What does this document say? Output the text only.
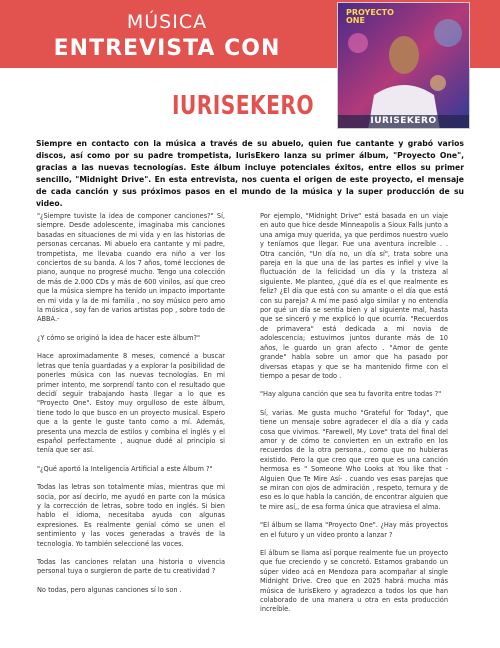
MÚSICA
ENTREVISTA CON
IURISEKERO
PROYECTO
ONE
IURISEKERO
Siempre en contacto con la música a través de su abuelo, quien fue cantante y grabó varios discos, así como por su padre trompetista, IurisEkero lanza su primer álbum, "Proyecto One", gracias a las nuevas tecnologías. Este álbum incluye potenciales éxitos, entre ellos su primer sencillo, "Midnight Drive". En esta entrevista, nos cuenta el origen de este proyecto, el mensaje de cada canción y sus próximos pasos en el mundo de la música y la super producción de su video.

"¿Siempre tuviste la idea de componer canciones?" Sí, siempre. Desde adolescente, imaginaba mis canciones basadas en situaciones de mi vida y en las historias de personas cercanas. Mi abuelo era cantante y mi padre, trompetista, me llevaba cuando era niño a ver los conciertos de su banda. A los 7 años, tomé lecciones de piano, aunque no progresé mucho. Tengo una colección de más de 2.000 CDs y más de 600 vinilos, así que creo que la música siempre ha tenido un impacto importante en mi vida y la de mi familia , no soy músico pero amo la música , soy fan de varios artistas pop , sobre todo de ABBA.-

¿Y cómo se originó la idea de hacer este álbum?"

Hace aproximadamente 8 meses, comencé a buscar letras que tenía guardadas y a explorar la posibilidad de ponerles música con las nuevas tecnologías. En mi primer intento, me sorprendí tanto con el resultado que decidí seguir trabajando hasta llegar a lo que es "Proyecto One". Estoy muy orgulloso de este álbum, tiene todo lo que busco en un proyecto musical. Espero que a la gente le guste tanto como a mí. Además, presenta una mezcla de estilos y combina el inglés y el español perfectamente , auqnue dudé al principio si tenía que ser así.

"¿Qué aportó la Inteligencia Artificial a este Álbum ?"

Todas las letras son totalmente mías, mientras que mi socia, por así decirlo, me ayudó en parte con la música y la corrección de letras, sobre todo en inglés. Si bien hablo el idioma, necesitaba ayuda con algunas expresiones. Es realmente genial cómo se unen el sentimiento y las voces generadas a través de la tecnología. Yo también seleccioné las voces.

Todas las canciones relatan una historia o vivencia personal tuya o surgieron de parte de tu creatividad ?

No todas, pero algunas canciones sí lo son .

Por ejemplo, "Midnight Drive" está basada en un viaje en auto que hice desde Minneapolis a Sioux Falls junto a una amiga muy querida, ya que perdimos nuestro vuelo y teníamos que llegar. Fue una aventura increíble . . Otra canción, "Un día no, un día sí", trata sobre una pareja en la que una de las partes es infiel y vive la fluctuación de la felicidad un día y la tristeza al siguiente. Me planteo, ¿qué día es el que realmente es feliz? ¿El día que está con su amante o el día que está con su pareja? A mí me pasó algo similar y no entendía por qué un día se sentía bien y al siguiente mal, hasta que se sinceró y me explicó lo que ocurría. "Recuerdos de primavera" está dedicada a mi novia de adolescencia; estuvimos juntos durante más de 10 años, le guardo un gran afecto . "Amor de gente grande" habla sobre un amor que ha pasado por diversas etapas y que se ha mantenido firme con el tiempo a pesar de todo .

"Hay alguna canción que sea tu favorita entre todas ?"

Sí, varias. Me gusta mucho "Grateful for Today", que tiene un mensaje sobre agradecer el día a día y cada cosa que vivimos. "Farewell, My Love" trata del final del amor y de cómo te convierten en un extraño en los recuerdos de la otra persona., como que no hubieras existido. Pero la que creo que creo que es una canción hermosa es " Someone Who Looks at You like that - Alguien Que Te Mire Así- . cuando ves esas parejas que se miran con ojos de admiración , respeto, ternura y de eso es lo que habla la canción, de encontrar alguien que te mire así,, de esa forma única que atraviesa el alma.

"El álbum se llama "Proyecto One". ¿Hay más proyectos en el futuro y un video pronto a lanzar ?

El álbum se llama así porque realmente fue un proyecto que fue creciendo y se concretó. Estamos grabando un súper video acá en Mendoza para acompañar al single Midnight Drive. Creo que en 2025 habrá mucha más música de IurisEkero y agradezco a todos los que han colaborado de una manera u otra en esta producción increíble.
